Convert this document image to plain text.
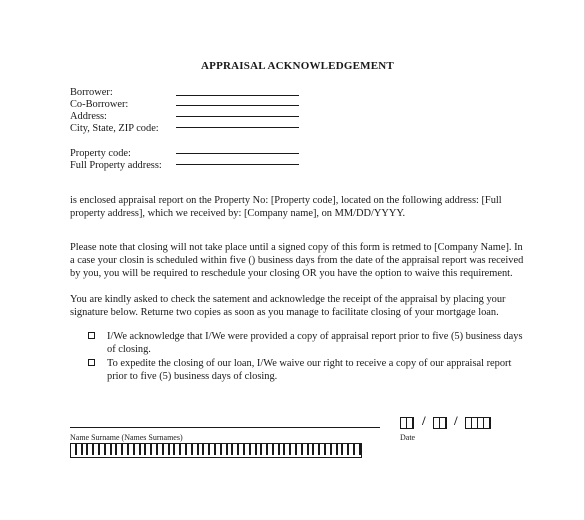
APPRAISAL ACKNOWLEDGEMENT
Borrower:
Co-Borrower:
Address:
City, State, ZIP code:
Property code:
Full Property address:

is enclosed appraisal report on the Property No: [Property code], located on the following address: [Full property address], which we received by: [Company name], on MM/DD/YYYY.

Please note that closing will not take place until a signed copy of this form is retmed to [Company Name]. In a case your closin is scheduled within five () business days from the date of the appraisal report was received by you, you will be required to reschedule your closing OR you have the option to waive this requirement.

You are kindly asked to check the satement and acknowledge the receipt of the appraisal by placing your signature below. Returne two copies as soon as you manage to facilitate closing of your mortgage loan.

I/We acknowledge that I/We were provided a copy of appraisal report prior to five (5) business days of closing.
To expedite the closing of our loan, I/We waive our right to receive a copy of our appraisal report prior to five (5) business days of closing.
Name Surname (Names Surnames)
/ /
Date
